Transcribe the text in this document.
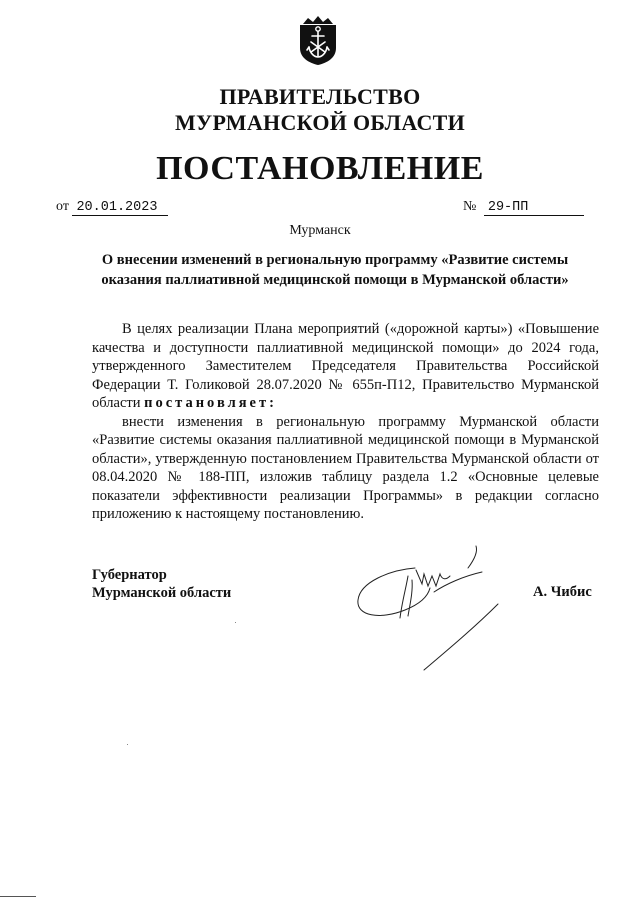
ПРАВИТЕЛЬСТВО
МУРМАНСКОЙ ОБЛАСТИ
ПОСТАНОВЛЕНИЕ
от 20.01.2023	№ 29-ПП
Мурманск
О внесении изменений в региональную программу «Развитие системы оказания паллиативной медицинской помощи в Мурманской области»

В целях реализации Плана мероприятий («дорожной карты») «Повышение качества и доступности паллиативной медицинской помощи» до 2024 года, утвержденного Заместителем Председателя Правительства Российской Федерации Т. Голиковой 28.07.2020 № 655п-П12, Правительство Мурманской области постановляет:

внести изменения в региональную программу Мурманской области «Развитие системы оказания паллиативной медицинской помощи в Мурманской области», утвержденную постановлением Правительства Мурманской области от 08.04.2020 № 188-ПП, изложив таблицу раздела 1.2 «Основные целевые показатели эффективности реализации Программы» в редакции согласно приложению к настоящему постановлению.

Губернатор
Мурманской области	А. Чибис
